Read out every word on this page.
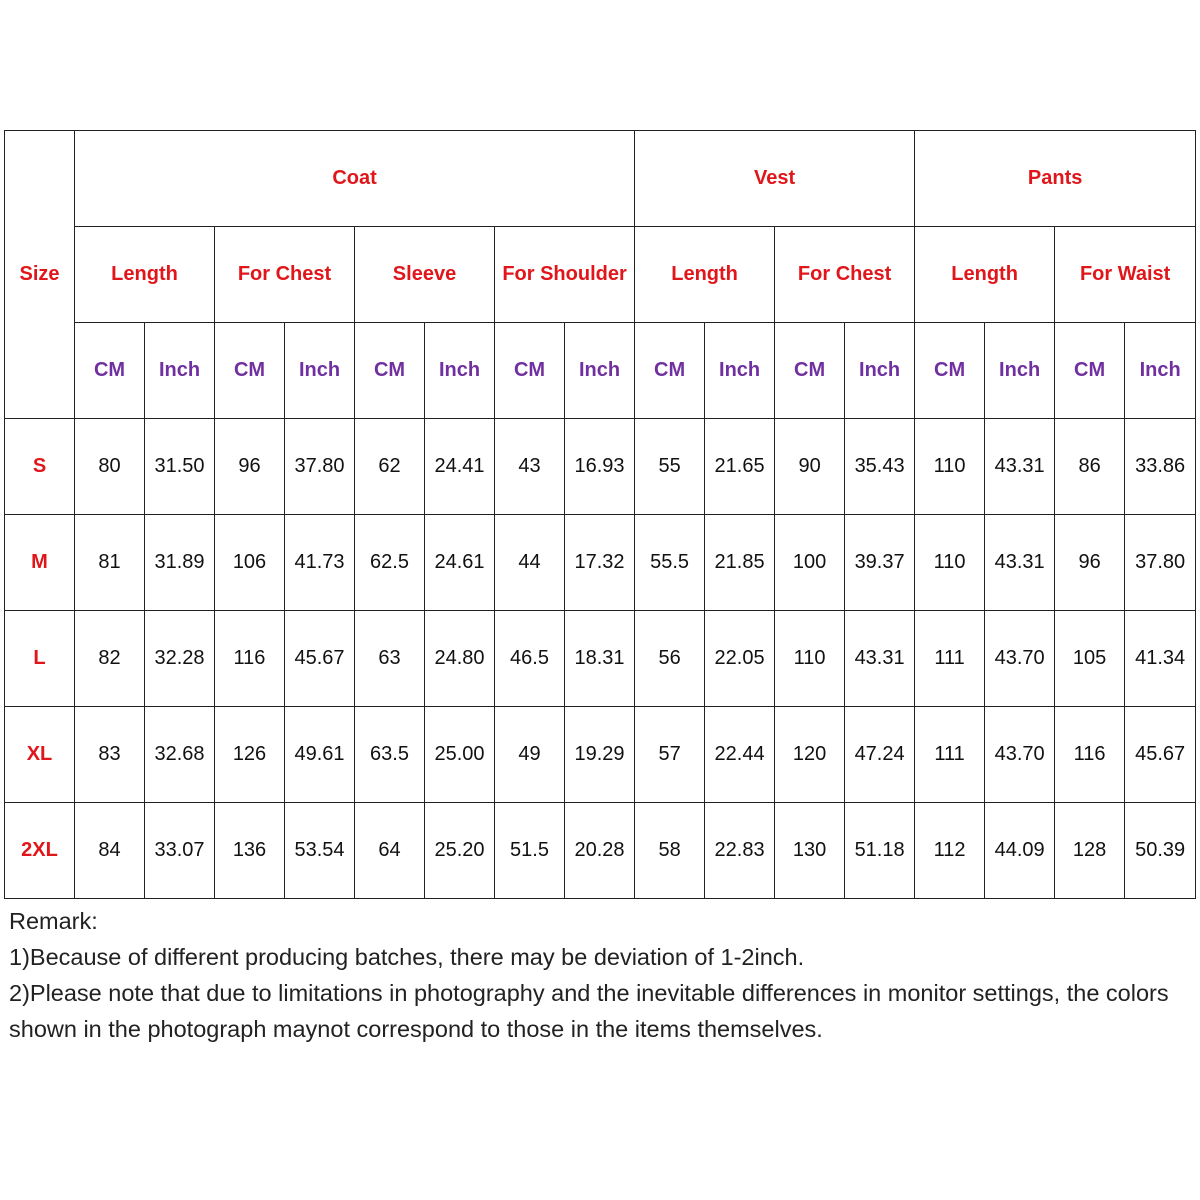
Size	Coat								Vest				Pants			
	Length		For Chest		Sleeve		For Shoulder		Length		For Chest		Length		For Waist	
	CM	Inch	CM	Inch	CM	Inch	CM	Inch	CM	Inch	CM	Inch	CM	Inch	CM	Inch
S	80	31.50	96	37.80	62	24.41	43	16.93	55	21.65	90	35.43	110	43.31	86	33.86
M	81	31.89	106	41.73	62.5	24.61	44	17.32	55.5	21.85	100	39.37	110	43.31	96	37.80
L	82	32.28	116	45.67	63	24.80	46.5	18.31	56	22.05	110	43.31	111	43.70	105	41.34
XL	83	32.68	126	49.61	63.5	25.00	49	19.29	57	22.44	120	47.24	111	43.70	116	45.67
2XL	84	33.07	136	53.54	64	25.20	51.5	20.28	58	22.83	130	51.18	112	44.09	128	50.39

Remark:

1)Because of different producing batches, there may be deviation of 1-2inch.

2)Please note that due to limitations in photography and the inevitable differences in monitor settings, the colors shown in the photograph maynot correspond to those in the items themselves.
